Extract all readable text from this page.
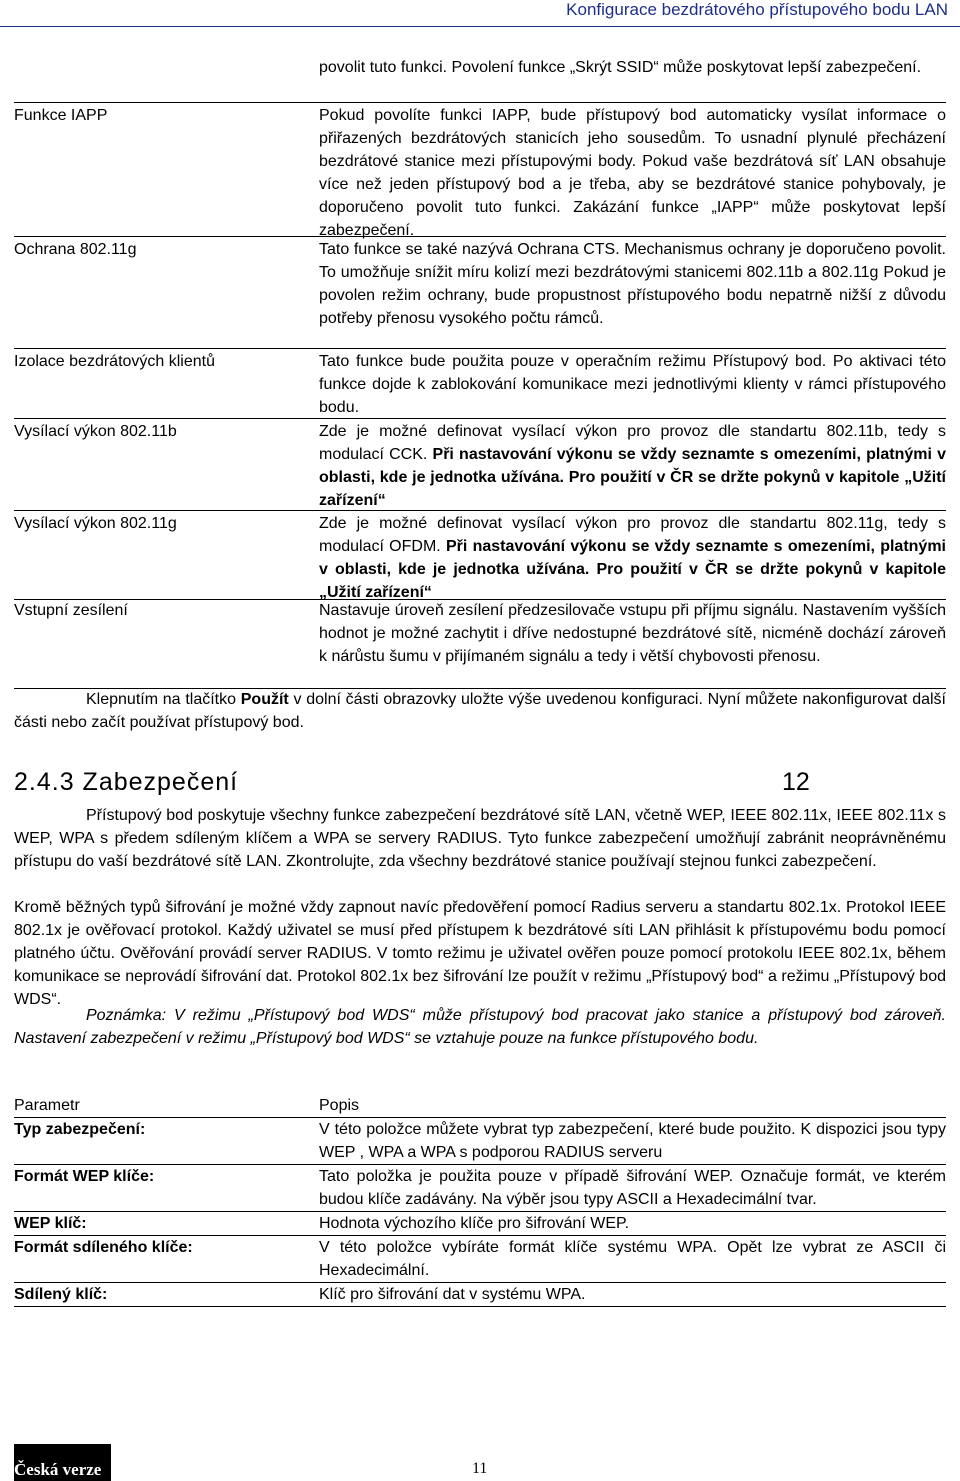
Konfigurace bezdrátového přístupového bodu LAN
povolit tuto funkci. Povolení funkce „Skrýt SSID“ může poskytovat lepší zabezpečení.
Funkce IAPP	Pokud povolíte funkci IAPP, bude přístupový bod automaticky vysílat informace o přiřazených bezdrátových stanicích jeho sousedům. To usnadní plynulé přecházení bezdrátové stanice mezi přístupovými body. Pokud vaše bezdrátová síť LAN obsahuje více než jeden přístupový bod a je třeba, aby se bezdrátové stanice pohybovaly, je doporučeno povolit tuto funkci. Zakázání funkce „IAPP“ může poskytovat lepší zabezpečení.
Ochrana 802.11g	Tato funkce se také nazývá Ochrana CTS. Mechanismus ochrany je doporučeno povolit. To umožňuje snížit míru kolizí mezi bezdrátovými stanicemi 802.11b a 802.11g Pokud je povolen režim ochrany, bude propustnost přístupového bodu nepatrně nižší z důvodu potřeby přenosu vysokého počtu rámců.
Izolace bezdrátových klientů	Tato funkce bude použita pouze v operačním režimu Přístupový bod. Po aktivaci této funkce dojde k zablokování komunikace mezi jednotlivými klienty v rámci přístupového bodu.
Vysílací výkon 802.11b	Zde je možné definovat vysílací výkon pro provoz dle standartu 802.11b, tedy s modulací CCK. Při nastavování výkonu se vždy seznamte s omezeními, platnými v oblasti, kde je jednotka užívána. Pro použití v ČR se držte pokynů v kapitole „Užití zařízení“
Vysílací výkon 802.11g	Zde je možné definovat vysílací výkon pro provoz dle standartu 802.11g, tedy s modulací OFDM. Při nastavování výkonu se vždy seznamte s omezeními, platnými v oblasti, kde je jednotka užívána. Pro použití v ČR se držte pokynů v kapitole „Užití zařízení“
Vstupní zesílení	Nastavuje úroveň zesílení předzesilovače vstupu při příjmu signálu. Nastavením vyšších hodnot je možné zachytit i dříve nedostupné bezdrátové sítě, nicméně dochází zároveň k nárůstu šumu v přijímaném signálu a tedy i větší chybovosti přenosu.
Klepnutím na tlačítko Použít v dolní části obrazovky uložte výše uvedenou konfiguraci. Nyní můžete nakonfigurovat další části nebo začít používat přístupový bod.
2.4.3 Zabezpečení	12
Přístupový bod poskytuje všechny funkce zabezpečení bezdrátové sítě LAN, včetně WEP, IEEE 802.11x, IEEE 802.11x s WEP, WPA s předem sdíleným klíčem a WPA se servery RADIUS. Tyto funkce zabezpečení umožňují zabránit neoprávněnému přístupu do vaší bezdrátové sítě LAN. Zkontrolujte, zda všechny bezdrátové stanice používají stejnou funkci zabezpečení.
Kromě běžných typů šifrování je možné vždy zapnout navíc předověření pomocí Radius serveru a standartu 802.1x. Protokol IEEE 802.1x je ověřovací protokol. Každý uživatel se musí před přístupem k bezdrátové síti LAN přihlásit k přístupovému bodu pomocí platného účtu. Ověřování provádí server RADIUS. V tomto režimu je uživatel ověřen pouze pomocí protokolu IEEE 802.1x, během komunikace se neprovádí šifrování dat. Protokol 802.1x bez šifrování lze použít v režimu „Přístupový bod“ a režimu „Přístupový bod WDS“.
Poznámka: V režimu „Přístupový bod WDS“ může přístupový bod pracovat jako stanice a přístupový bod zároveň. Nastavení zabezpečení v režimu „Přístupový bod WDS“ se vztahuje pouze na funkce přístupového bodu.
Parametr	Popis
Typ zabezpečení:	V této položce můžete vybrat typ zabezpečení, které bude použito. K dispozici jsou typy WEP , WPA a WPA s podporou RADIUS serveru
Formát WEP klíče:	Tato položka je použita pouze v případě šifrování WEP. Označuje formát, ve kterém budou klíče zadávány. Na výběr jsou typy ASCII a Hexadecimální tvar.
WEP klíč:	Hodnota výchozího klíče pro šifrování WEP.
Formát sdíleného klíče:	V této položce vybíráte formát klíče systému WPA. Opět lze vybrat ze ASCII či Hexadecimální.
Sdílený klíč:	Klíč pro šifrování dat v systému WPA.
Česká verze	11
